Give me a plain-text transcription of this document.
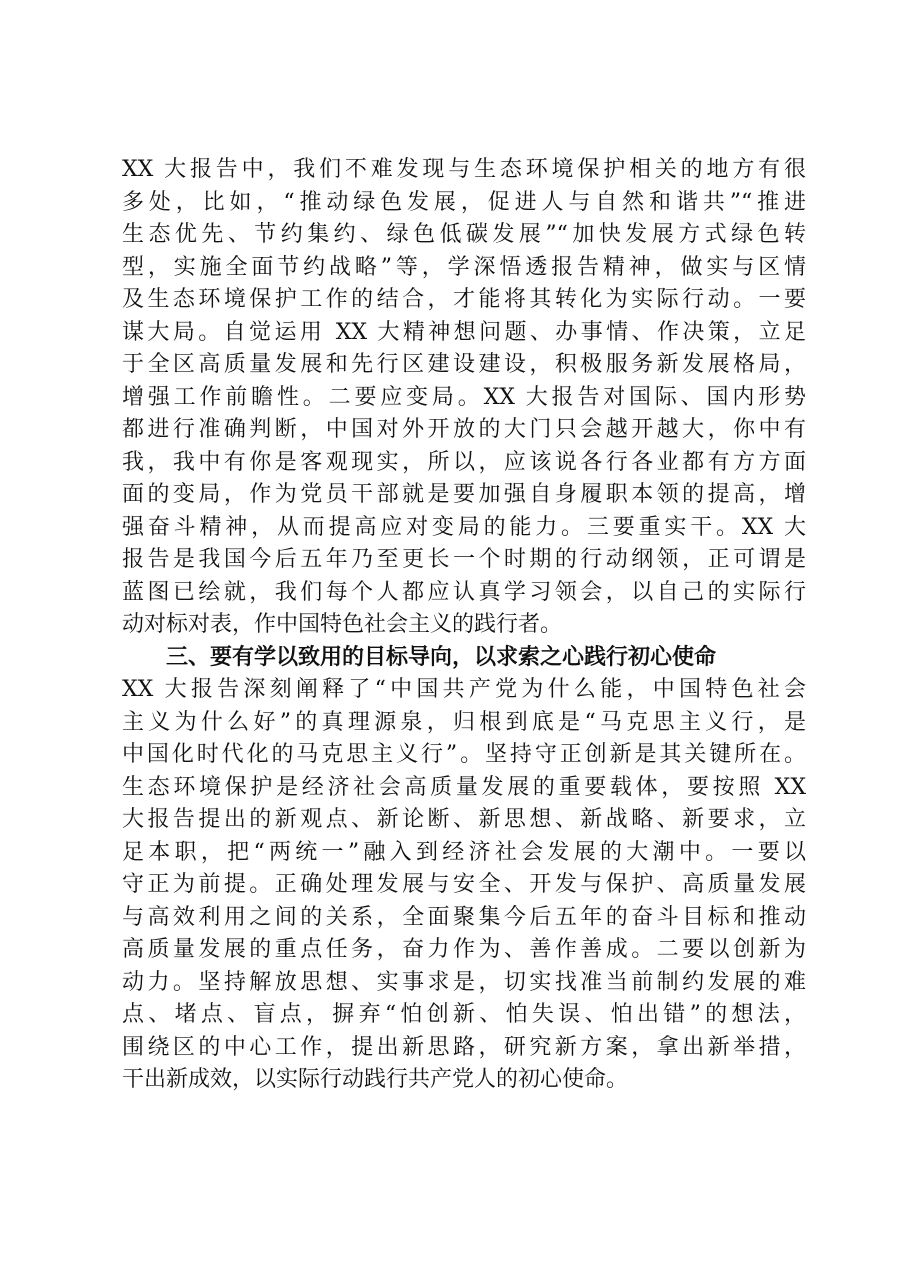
XX 大报告中，我们不难发现与生态环境保护相关的地方有很
多处，比如，“推动绿色发展，促进人与自然和谐共”“推进
生态优先、节约集约、绿色低碳发展”“加快发展方式绿色转
型，实施全面节约战略”等，学深悟透报告精神，做实与区情
及生态环境保护工作的结合，才能将其转化为实际行动。一要
谋大局。自觉运用 XX 大精神想问题、办事情、作决策，立足
于全区高质量发展和先行区建设建设，积极服务新发展格局，
增强工作前瞻性。二要应变局。XX 大报告对国际、国内形势
都进行准确判断，中国对外开放的大门只会越开越大，你中有
我，我中有你是客观现实，所以，应该说各行各业都有方方面
面的变局，作为党员干部就是要加强自身履职本领的提高，增
强奋斗精神，从而提高应对变局的能力。三要重实干。XX 大
报告是我国今后五年乃至更长一个时期的行动纲领，正可谓是
蓝图已绘就，我们每个人都应认真学习领会，以自己的实际行
动对标对表，作中国特色社会主义的践行者。
三、要有学以致用的目标导向，以求索之心践行初心使命
XX 大报告深刻阐释了“中国共产党为什么能，中国特色社会
主义为什么好”的真理源泉，归根到底是“马克思主义行，是
中国化时代化的马克思主义行”。坚持守正创新是其关键所在。
生态环境保护是经济社会高质量发展的重要载体，要按照 XX
大报告提出的新观点、新论断、新思想、新战略、新要求，立
足本职，把“两统一”融入到经济社会发展的大潮中。一要以
守正为前提。正确处理发展与安全、开发与保护、高质量发展
与高效利用之间的关系，全面聚集今后五年的奋斗目标和推动
高质量发展的重点任务，奋力作为、善作善成。二要以创新为
动力。坚持解放思想、实事求是，切实找准当前制约发展的难
点、堵点、盲点，摒弃“怕创新、怕失误、怕出错”的想法，
围绕区的中心工作，提出新思路，研究新方案，拿出新举措，
干出新成效，以实际行动践行共产党人的初心使命。
